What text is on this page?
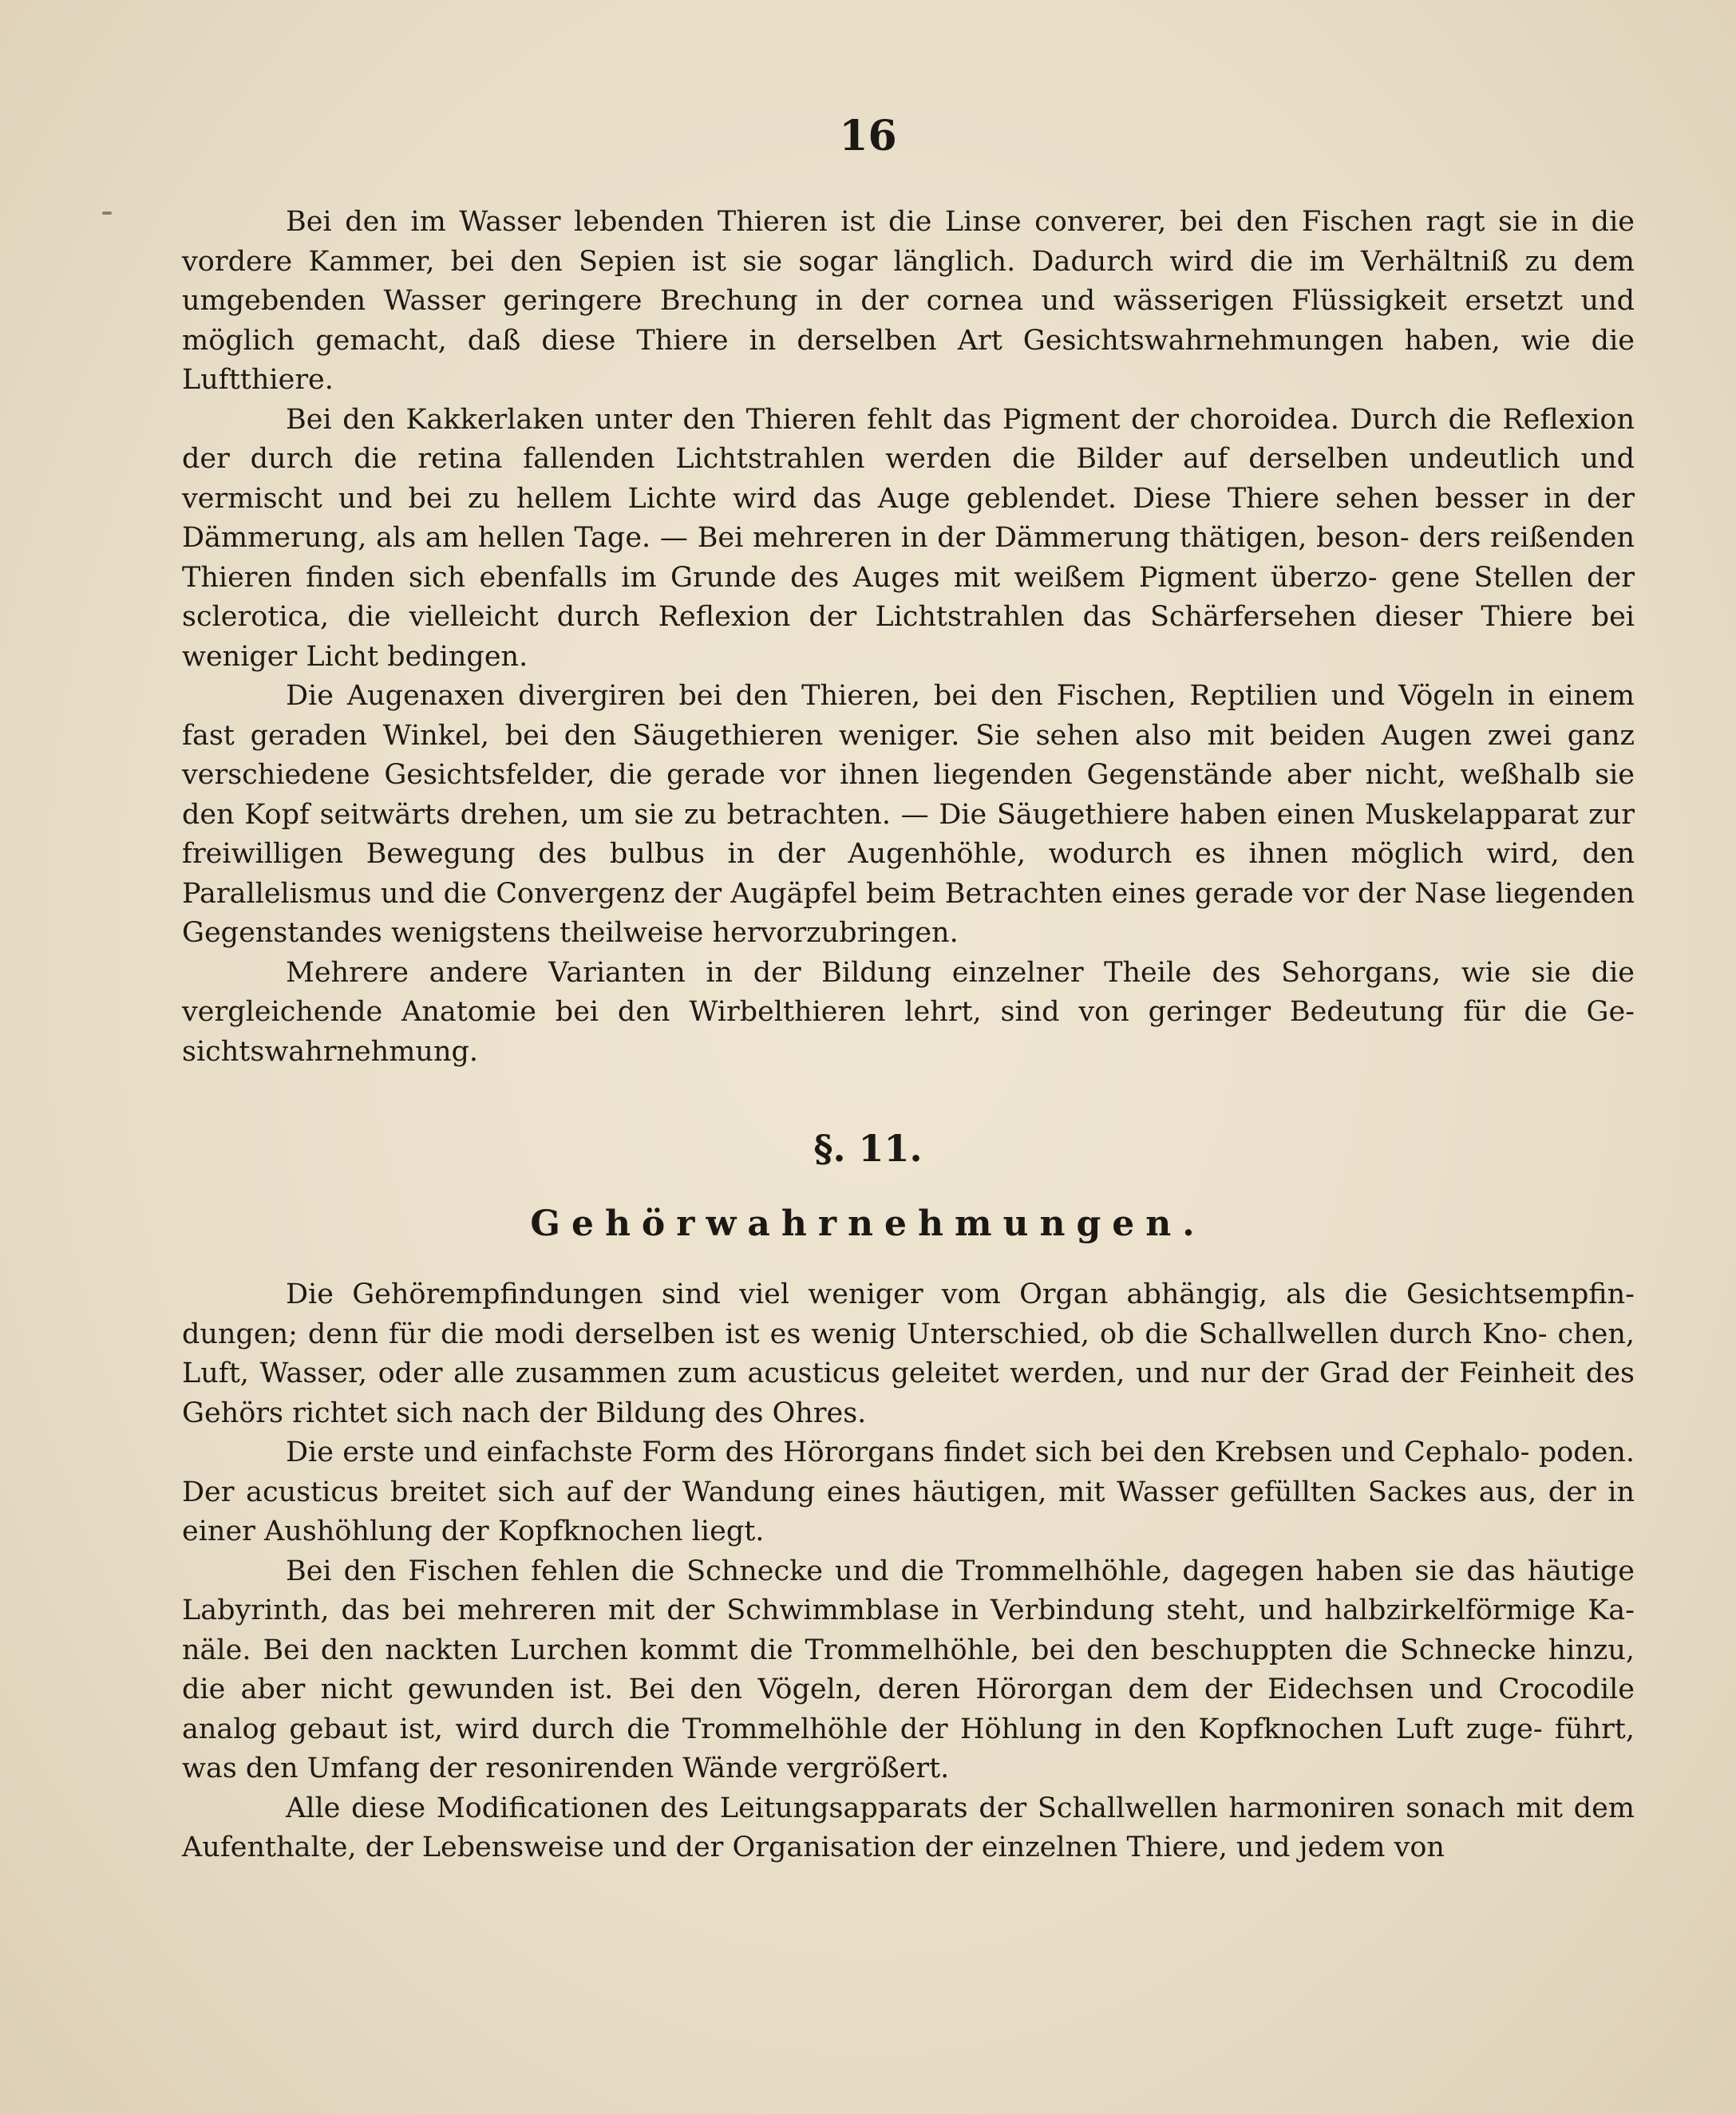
16

Bei den im Wasser lebenden Thieren ist die Linse converer, bei den Fischen ragt sie in die vordere Kammer, bei den Sepien ist sie sogar länglich. Dadurch wird die im Verhältniß zu dem umgebenden Wasser geringere Brechung in der cornea und wässerigen Flüssigkeit ersetzt und möglich gemacht, daß diese Thiere in derselben Art Gesichtswahrnehmungen haben, wie die Luftthiere.

Bei den Kakkerlaken unter den Thieren fehlt das Pigment der choroidea. Durch die Reflexion der durch die retina fallenden Lichtstrahlen werden die Bilder auf derselben undeutlich und vermischt und bei zu hellem Lichte wird das Auge geblendet. Diese Thiere sehen besser in der Dämmerung, als am hellen Tage. — Bei mehreren in der Dämmerung thätigen, beson- ders reißenden Thieren finden sich ebenfalls im Grunde des Auges mit weißem Pigment überzo- gene Stellen der sclerotica, die vielleicht durch Reflexion der Lichtstrahlen das Schärfersehen dieser Thiere bei weniger Licht bedingen.

Die Augenaxen divergiren bei den Thieren, bei den Fischen, Reptilien und Vögeln in einem fast geraden Winkel, bei den Säugethieren weniger. Sie sehen also mit beiden Augen zwei ganz verschiedene Gesichtsfelder, die gerade vor ihnen liegenden Gegenstände aber nicht, weßhalb sie den Kopf seitwärts drehen, um sie zu betrachten. — Die Säugethiere haben einen Muskelapparat zur freiwilligen Bewegung des bulbus in der Augenhöhle, wodurch es ihnen möglich wird, den Parallelismus und die Convergenz der Augäpfel beim Betrachten eines gerade vor der Nase liegenden Gegenstandes wenigstens theilweise hervorzubringen.

Mehrere andere Varianten in der Bildung einzelner Theile des Sehorgans, wie sie die vergleichende Anatomie bei den Wirbelthieren lehrt, sind von geringer Bedeutung für die Ge- sichtswahrnehmung.

§. 11.
Gehörwahrnehmungen.

Die Gehörempfindungen sind viel weniger vom Organ abhängig, als die Gesichtsempfin- dungen; denn für die modi derselben ist es wenig Unterschied, ob die Schallwellen durch Kno- chen, Luft, Wasser, oder alle zusammen zum acusticus geleitet werden, und nur der Grad der Feinheit des Gehörs richtet sich nach der Bildung des Ohres.

Die erste und einfachste Form des Hörorgans findet sich bei den Krebsen und Cephalo- poden. Der acusticus breitet sich auf der Wandung eines häutigen, mit Wasser gefüllten Sackes aus, der in einer Aushöhlung der Kopfknochen liegt.

Bei den Fischen fehlen die Schnecke und die Trommelhöhle, dagegen haben sie das häutige Labyrinth, das bei mehreren mit der Schwimmblase in Verbindung steht, und halbzirkelförmige Ka- näle. Bei den nackten Lurchen kommt die Trommelhöhle, bei den beschuppten die Schnecke hinzu, die aber nicht gewunden ist. Bei den Vögeln, deren Hörorgan dem der Eidechsen und Crocodile analog gebaut ist, wird durch die Trommelhöhle der Höhlung in den Kopfknochen Luft zuge- führt, was den Umfang der resonirenden Wände vergrößert.

Alle diese Modificationen des Leitungsapparats der Schallwellen harmoniren sonach mit dem Aufenthalte, der Lebensweise und der Organisation der einzelnen Thiere, und jedem von
